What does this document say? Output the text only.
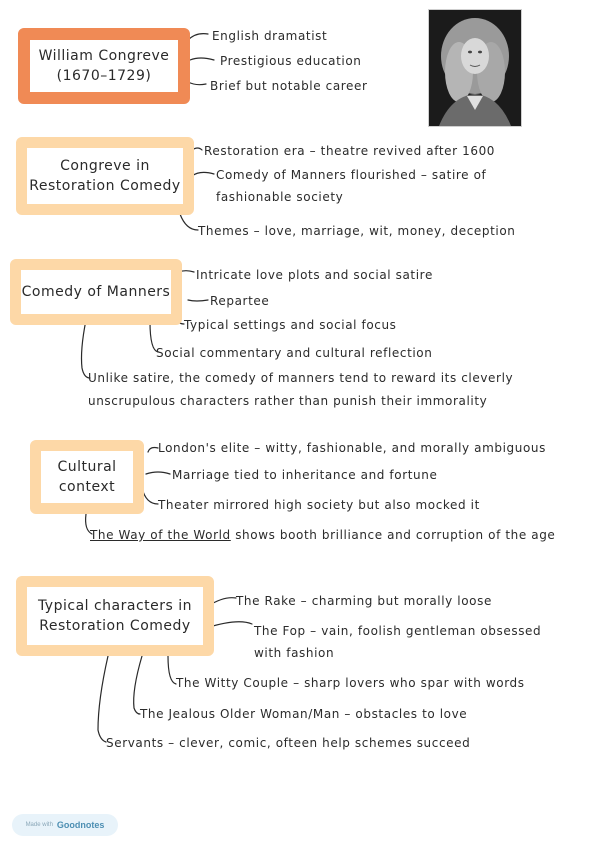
William Congreve
(1670–1729)
English dramatist
Prestigious education
Brief but notable career
Congreve in
Restoration Comedy
Restoration era – theatre revived after 1600
Comedy of Manners flourished – satire of
fashionable society
Themes – love, marriage, wit, money, deception
Comedy of Manners
Intricate love plots and social satire
Repartee
Typical settings and social focus
Social commentary and cultural reflection
Unlike satire, the comedy of manners tend to reward its cleverly
unscrupulous characters rather than punish their immorality
Cultural
context
London's elite – witty, fashionable, and morally ambiguous
Marriage tied to inheritance and fortune
Theater mirrored high society but also mocked it
The Way of the World shows booth brilliance and corruption of the age
Typical characters in
Restoration Comedy
The Rake – charming but morally loose
The Fop – vain, foolish gentleman obsessed
with fashion
The Witty Couple – sharp lovers who spar with words
The Jealous Older Woman/Man – obstacles to love
Servants – clever, comic, ofteen help schemes succeed
Made with Goodnotes
